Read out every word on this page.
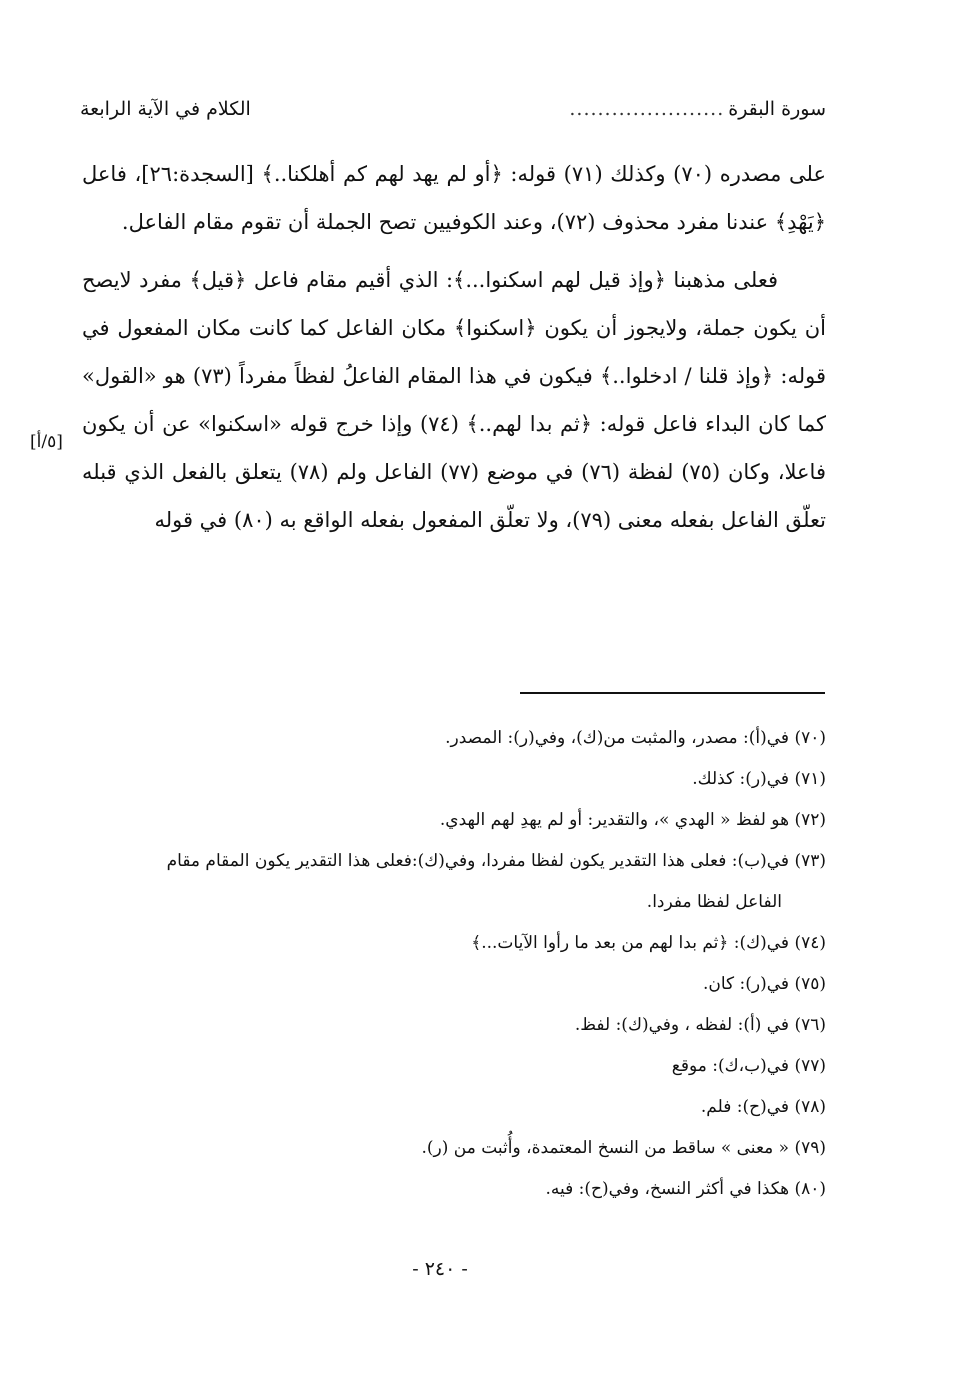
سورة البقرة
......................
الكلام في الآية الرابعة

على مصدره (٧٠) وكذلك (٧١) قوله: ﴿أو لم يهد لهم كم أهلكنا..﴾ [السجدة:٢٦]، فاعل ﴿يَهْدِ﴾ عندنا مفرد محذوف (٧٢)، وعند الكوفيين تصح الجملة أن تقوم مقام الفاعل.

فعلى مذهبنا ﴿وإذ قيل لهم اسكنوا...﴾: الذي أقيم مقام فاعل ﴿قيل﴾ مفرد لايصح أن يكون جملة، ولايجوز أن يكون ﴿اسكنوا﴾ مكان الفاعل كما كانت مكان المفعول في قوله: ﴿وإذ قلنا / ادخلوا..﴾ فيكون في هذا المقام الفاعلُ لفظاً مفرداً (٧٣) هو «القول» كما كان البداء فاعل قوله: ﴿ثم بدا لهم..﴾ (٧٤) وإذا خرج قوله «اسكنوا» عن أن يكون فاعلا، وكان (٧٥) لفظة (٧٦) في موضع (٧٧) الفاعل ولم (٧٨) يتعلق بالفعل الذي قبله تعلّق الفاعل بفعله معنى (٧٩)، ولا تعلّق المفعول بفعله الواقع به (٨٠) في قوله

[٥/أ]

(٧٠) في(أ): مصدر، والمثبت من(ك)، وفي(ر): المصدر.

(٧١) في(ر): كذلك.

(٧٢) هو لفظ « الهدي »، والتقدير: أو لم يهدِ لهم الهدي.

(٧٣) في(ب): فعلى هذا التقدير يكون لفظا مفردا، وفي(ك):فعلى هذا التقدير يكون المقام مقام
الفاعل لفظا مفردا.

(٧٤) في(ك): ﴿ثم بدا لهم من بعد ما رأوا الآيات...﴾

(٧٥) في(ر): كان.

(٧٦) في (أ): لفظه ، وفي(ك): لفظ.

(٧٧) في(ب،ك): موقع

(٧٨) في(ح): فلم.

(٧٩) « معنى » ساقط من النسخ المعتمدة، وأُثبت من (ر).

(٨٠) هكذا في أكثر النسخ، وفي(ح): فيه.

- ٢٤٠ -
